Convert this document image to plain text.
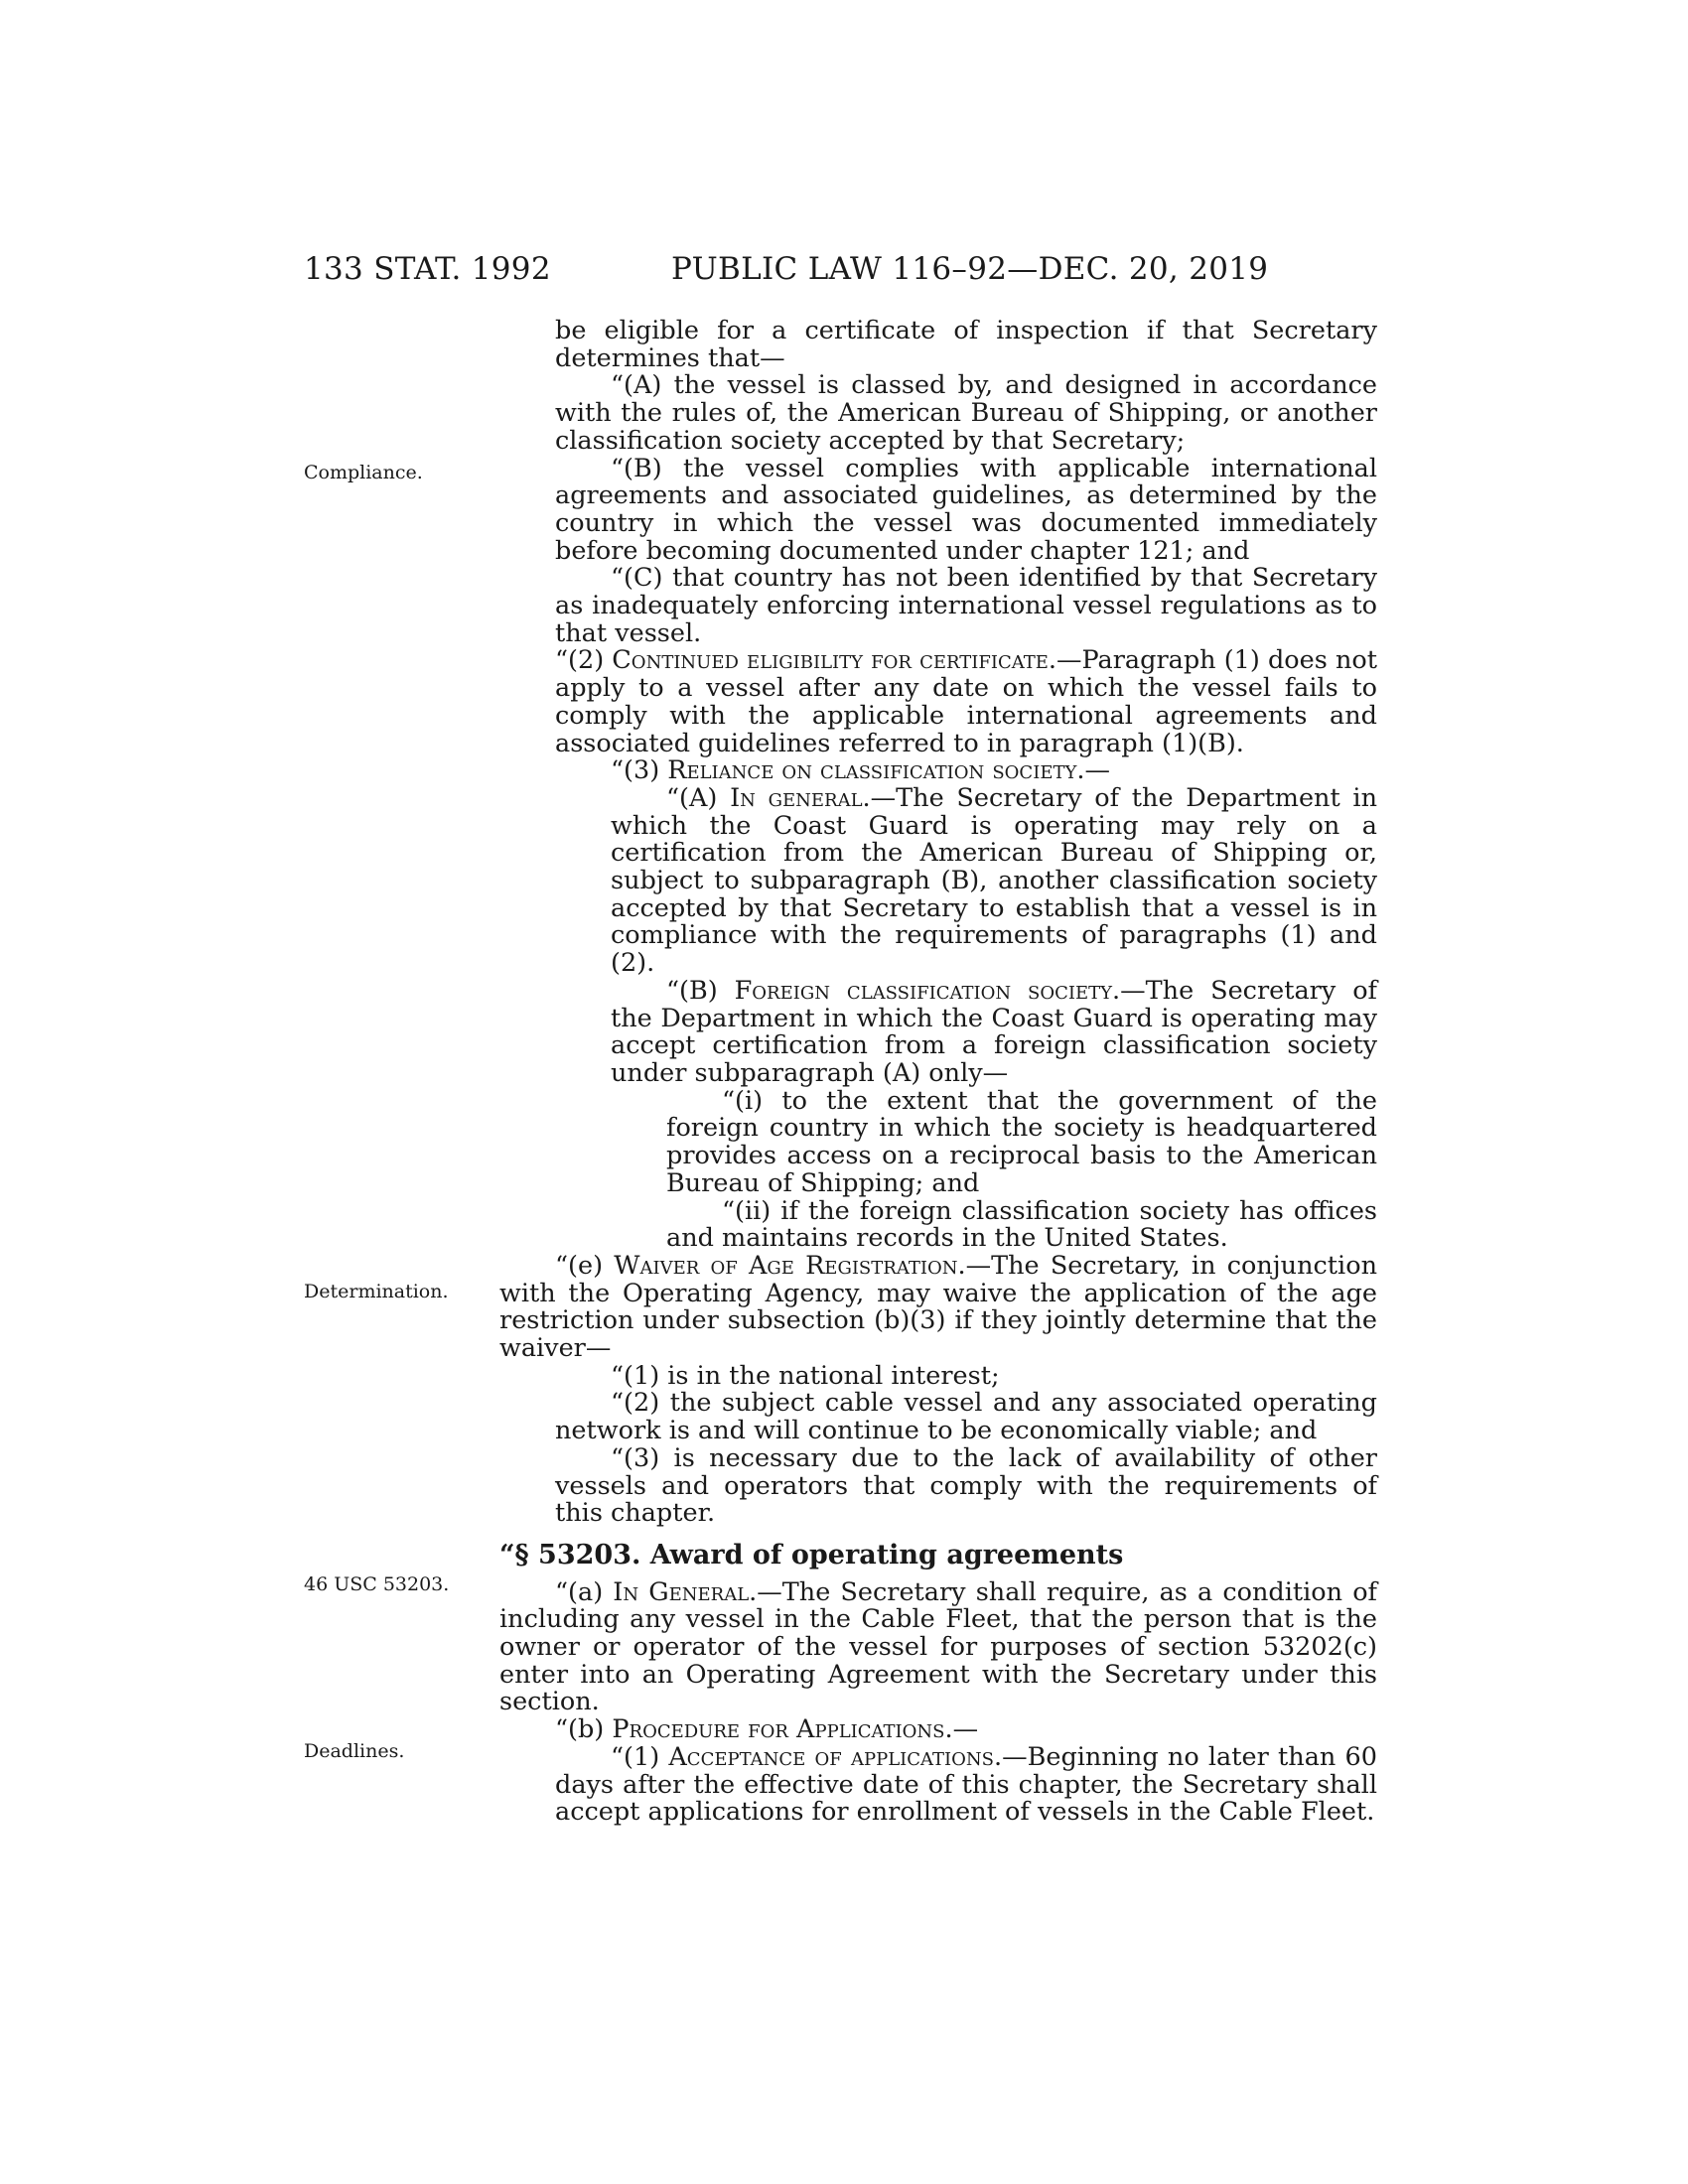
133 STAT. 1992	PUBLIC LAW 116–92—DEC. 20, 2019
Compliance.
Determination.
46 USC 53203.
Deadlines.

be eligible for a certificate of inspection if that Secretary determines that—

“(A) the vessel is classed by, and designed in accordance with the rules of, the American Bureau of Shipping, or another classification society accepted by that Secretary;

“(B) the vessel complies with applicable international agreements and associated guidelines, as determined by the country in which the vessel was documented immediately before becoming documented under chapter 121; and

“(C) that country has not been identified by that Secretary as inadequately enforcing international vessel regulations as to that vessel.

“(2) Continued eligibility for certificate.—Paragraph (1) does not apply to a vessel after any date on which the vessel fails to comply with the applicable international agreements and associated guidelines referred to in paragraph (1)(B).

“(3) Reliance on classification society.—

“(A) In general.—The Secretary of the Department in which the Coast Guard is operating may rely on a certification from the American Bureau of Shipping or, subject to subparagraph (B), another classification society accepted by that Secretary to establish that a vessel is in compliance with the requirements of paragraphs (1) and (2).

“(B) Foreign classification society.—The Secretary of the Department in which the Coast Guard is operating may accept certification from a foreign classification society under subparagraph (A) only—

“(i) to the extent that the government of the foreign country in which the society is headquartered provides access on a reciprocal basis to the American Bureau of Shipping; and

“(ii) if the foreign classification society has offices and maintains records in the United States.

“(e) Waiver of Age Registration.—The Secretary, in conjunction with the Operating Agency, may waive the application of the age restriction under subsection (b)(3) if they jointly determine that the waiver—

“(1) is in the national interest;

“(2) the subject cable vessel and any associated operating network is and will continue to be economically viable; and

“(3) is necessary due to the lack of availability of other vessels and operators that comply with the requirements of this chapter.

“§ 53203. Award of operating agreements

“(a) In General.—The Secretary shall require, as a condition of including any vessel in the Cable Fleet, that the person that is the owner or operator of the vessel for purposes of section 53202(c) enter into an Operating Agreement with the Secretary under this section.

“(b) Procedure for Applications.—

“(1) Acceptance of applications.—Beginning no later than 60 days after the effective date of this chapter, the Secretary shall accept applications for enrollment of vessels in the Cable Fleet.
